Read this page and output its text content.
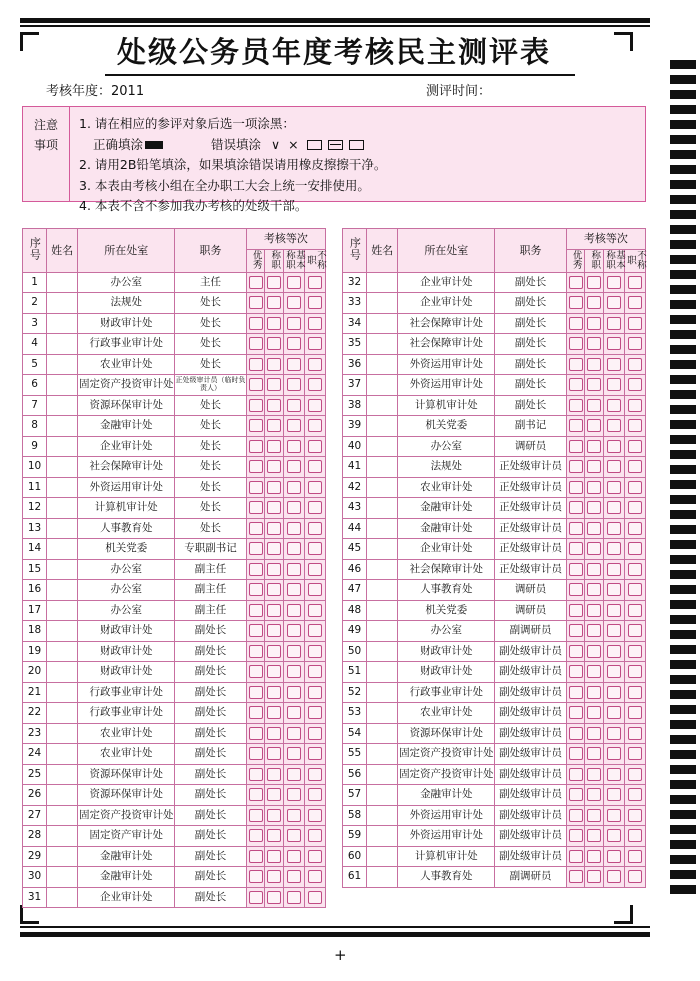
处级公务员年度考核民主测评表
考核年度：2011	测评时间：
注意事项
1. 请在相应的参评对象后选一项涂黑：
正确填涂	错误填涂  ∨ ×
2. 请用2B铅笔填涂，如果填涂错误请用橡皮擦擦干净。
3. 本表由考核小组在全办职工大会上统一安排使用。
4. 本表不含不参加我办考核的处级干部。
序号	姓名	所在处室	职务	考核等次			
				优秀	称职	基本称职	不称职
1		办公室	主任	

2		法规处	处长	

3		财政审计处	处长	

4		行政事业审计处	处长	

5		农业审计处	处长	

6		固定资产投资审计处	正处级审计员（临时负责人）	

7		资源环保审计处	处长	

8		金融审计处	处长	

9		企业审计处	处长	

10		社会保障审计处	处长	

11		外资运用审计处	处长	

12		计算机审计处	处长	

13		人事教育处	处长	

14		机关党委	专职副书记	

15		办公室	副主任	

16		办公室	副主任	

17		办公室	副主任	

18		财政审计处	副处长	

19		财政审计处	副处长	

20		财政审计处	副处长	

21		行政事业审计处	副处长	

22		行政事业审计处	副处长	

23		农业审计处	副处长	

24		农业审计处	副处长	

25		资源环保审计处	副处长	

26		资源环保审计处	副处长	

27		固定资产投资审计处	副处长	

28		固定资产审计处	副处长	

29		金融审计处	副处长	

30		金融审计处	副处长	

31		企业审计处	副处长	

序号	姓名	所在处室	职务	考核等次			
				优秀	称职	基本称职	不称职
32		企业审计处	副处长	

33		企业审计处	副处长	

34		社会保障审计处	副处长	

35		社会保障审计处	副处长	

36		外资运用审计处	副处长	

37		外资运用审计处	副处长	

38		计算机审计处	副处长	

39		机关党委	副书记	

40		办公室	调研员	

41		法规处	正处级审计员	

42		农业审计处	正处级审计员	

43		金融审计处	正处级审计员	

44		金融审计处	正处级审计员	

45		企业审计处	正处级审计员	

46		社会保障审计处	正处级审计员	

47		人事教育处	调研员	

48		机关党委	调研员	

49		办公室	副调研员	

50		财政审计处	副处级审计员	

51		财政审计处	副处级审计员	

52		行政事业审计处	副处级审计员	

53		农业审计处	副处级审计员	

54		资源环保审计处	副处级审计员	

55		固定资产投资审计处	副处级审计员	

56		固定资产投资审计处	副处级审计员	

57		金融审计处	副处级审计员	

58		外资运用审计处	副处级审计员	

59		外资运用审计处	副处级审计员	

60		计算机审计处	副处级审计员	

61		人事教育处	副调研员	

+
